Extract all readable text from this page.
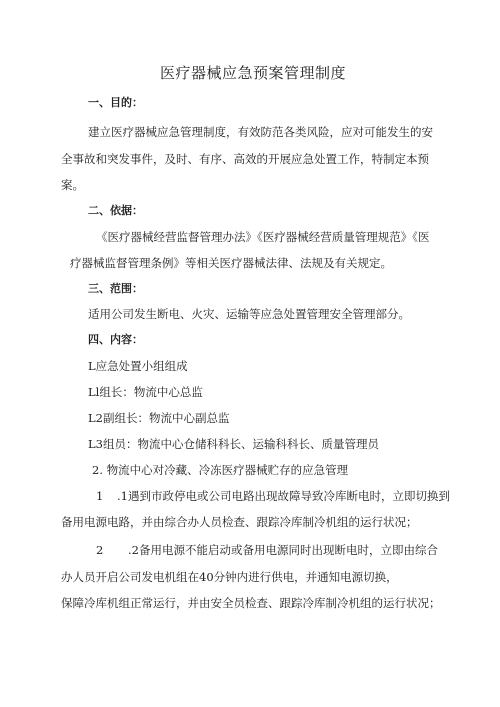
医疗器械应急预案管理制度
一、目的：
建立医疗器械应急管理制度，有效防范各类风险，应对可能发生的安
全事故和突发事件，及时、有序、高效的开展应急处置工作，特制定本预
案。
二、依据：
《医疗器械经营监督管理办法》《医疗器械经营质量管理规范》《医
疗器械监督管理条例》等相关医疗器械法律、法规及有关规定。
三、范围：
适用公司发生断电、火灾、运输等应急处置管理安全管理部分。
四、内容：
L应急处置小组组成
Ll组长：物流中心总监
L2副组长：物流中心副总监
L3组员：物流中心仓储科科长、运输科科长、质量管理员
2. 物流中心对冷藏、冷冻医疗器械贮存的应急管理
1 .1遇到市政停电或公司电路出现故障导致冷库断电时，立即切换到
备用电源电路，并由综合办人员检查、跟踪冷库制冷机组的运行状况；
2 .2备用电源不能启动或备用电源同时出现断电时，立即由综合
办人员开启公司发电机组在40分钟内进行供电，并通知电源切换，
保障冷库机组正常运行，并由安全员检查、跟踪冷库制冷机组的运行状况；
